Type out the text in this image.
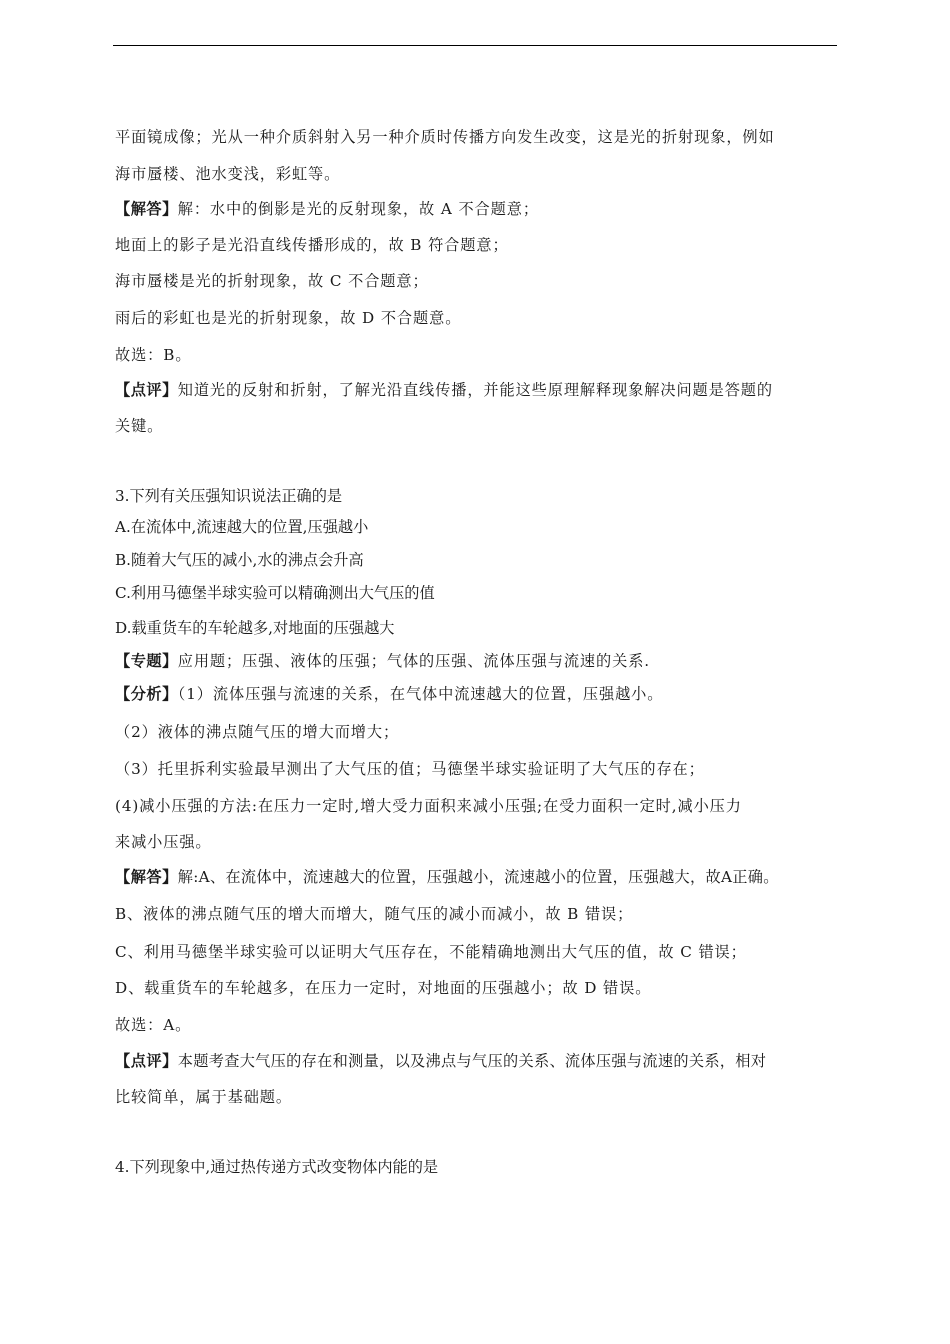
平面镜成像；光从一种介质斜射入另一种介质时传播方向发生改变，这是光的折射现象，例如
海市蜃楼、池水变浅，彩虹等。
【解答】解：水中的倒影是光的反射现象，故 A 不合题意；
地面上的影子是光沿直线传播形成的，故 B 符合题意；
海市蜃楼是光的折射现象，故 C 不合题意；
雨后的彩虹也是光的折射现象，故 D 不合题意。
故选：B。
【点评】知道光的反射和折射，了解光沿直线传播，并能这些原理解释现象解决问题是答题的
关键。
3.下列有关压强知识说法正确的是
A.在流体中,流速越大的位置,压强越小
B.随着大气压的减小,水的沸点会升高
C.利用马德堡半球实验可以精确测出大气压的值
D.载重货车的车轮越多,对地面的压强越大
【专题】应用题；压强、液体的压强；气体的压强、流体压强与流速的关系.
【分析】（1）流体压强与流速的关系，在气体中流速越大的位置，压强越小。
（2）液体的沸点随气压的增大而增大；
（3）托里拆利实验最早测出了大气压的值；马德堡半球实验证明了大气压的存在；
(4)减小压强的方法:在压力一定时,增大受力面积来减小压强;在受力面积一定时,减小压力
来减小压强。
【解答】解:A、在流体中，流速越大的位置，压强越小，流速越小的位置，压强越大，故A正确。
B、液体的沸点随气压的增大而增大，随气压的减小而减小，故 B 错误；
C、利用马德堡半球实验可以证明大气压存在，不能精确地测出大气压的值，故 C 错误；
D、载重货车的车轮越多，在压力一定时，对地面的压强越小；故 D 错误。
故选：A。
【点评】本题考查大气压的存在和测量，以及沸点与气压的关系、流体压强与流速的关系，相对
比较简单，属于基础题。
4.下列现象中,通过热传递方式改变物体内能的是
